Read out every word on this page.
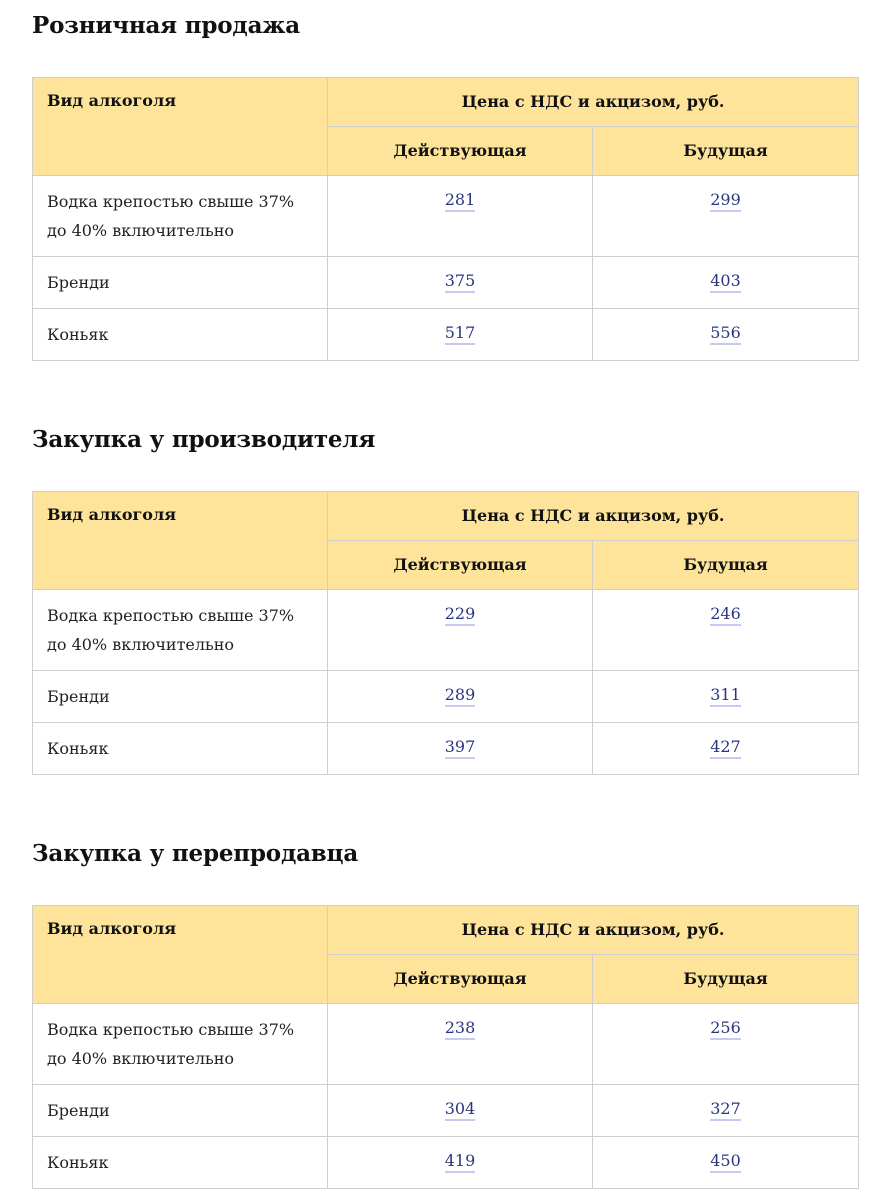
Розничная продажа
Вид алкоголя	Цена с НДС и акцизом, руб.	
	Действующая	Будущая
Водка крепостью свыше 37% до 40% включительно	281	299
Бренди	375	403
Коньяк	517	556
Закупка у производителя
Вид алкоголя	Цена с НДС и акцизом, руб.	
	Действующая	Будущая
Водка крепостью свыше 37% до 40% включительно	229	246
Бренди	289	311
Коньяк	397	427
Закупка у перепродавца
Вид алкоголя	Цена с НДС и акцизом, руб.	
	Действующая	Будущая
Водка крепостью свыше 37% до 40% включительно	238	256
Бренди	304	327
Коньяк	419	450
